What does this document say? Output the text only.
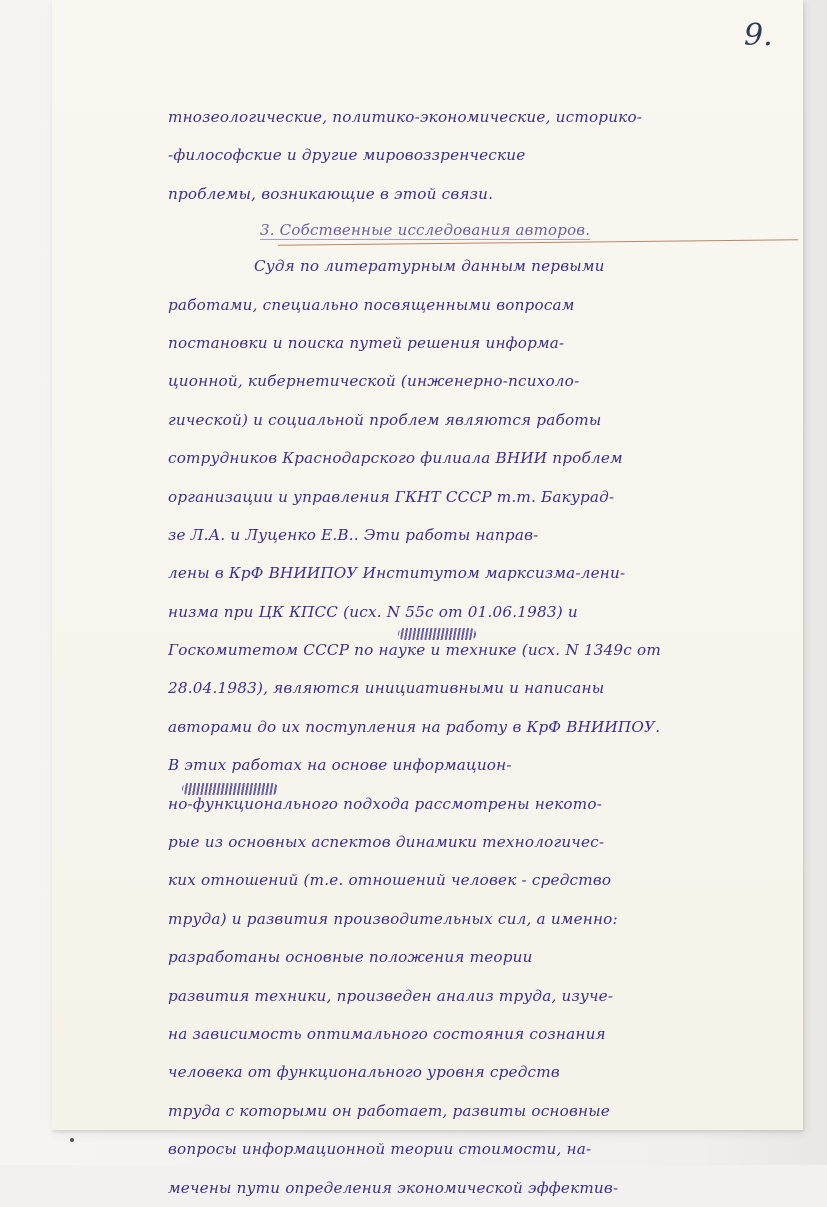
9.

тнозеологические, политико-экономические, историко-
-философские и другие мировоззренческие
проблемы, возникающие в этой связи.
3. Собственные исследования авторов.
Судя по литературным данным первыми
работами, специально посвященными вопросам
постановки и поиска путей решения информа-
ционной, кибернетической (инженерно-психоло-
гической) и социальной проблем являются работы
сотрудников Краснодарского филиала ВНИИ проблем
организации и управления ГКНТ СССР т.т. Бакурад-
зе Л.А. и Луценко Е.В.. Эти работы направ-
лены в КрФ ВНИИПОУ Институтом марксизма-лени-
низма при ЦК КПСС (исх. N 55с от 01.06.1983) и
Госкомитетом СССР по науке и технике (исх. N 1349с от
28.04.1983), являются инициативными и написаны
авторами до их поступления на работу в КрФ ВНИИПОУ.
В этих работах на основе информацион-
но-функционального подхода рассмотрены некото-
рые из основных аспектов динамики технологичес-
ких отношений (т.е. отношений человек - средство
труда) и развития производительных сил, а именно:
разработаны основные положения теории
развития техники, произведен анализ труда, изуче-
на зависимость оптимального состояния сознания
человека от функционального уровня средств
труда с которыми он работает, развиты основные
вопросы информационной теории стоимости, на-
мечены пути определения экономической эффектив-
